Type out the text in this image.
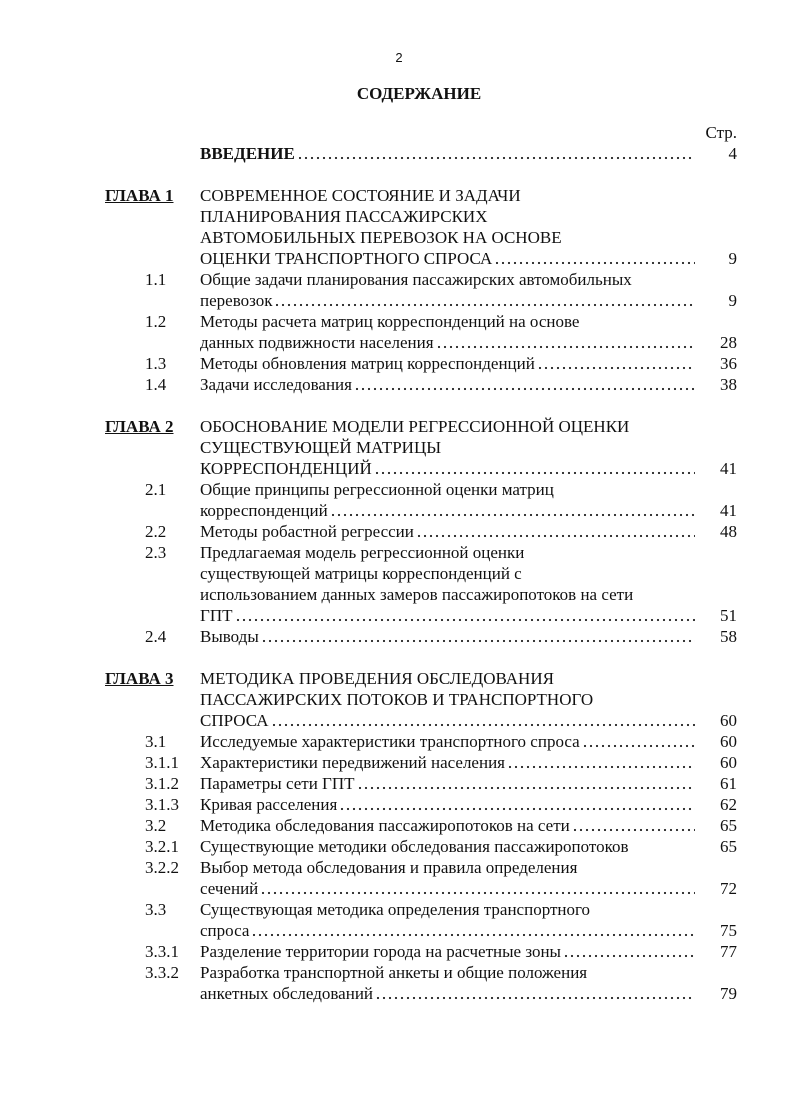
2
СОДЕРЖАНИЕ
Стр.
ВВЕДЕНИЕ	4
ГЛАВА 1	СОВРЕМЕННОЕ СОСТОЯНИЕ И ЗАДАЧИ
ПЛАНИРОВАНИЯ ПАССАЖИРСКИХ
АВТОМОБИЛЬНЫХ ПЕРЕВОЗОК НА ОСНОВЕ
ОЦЕНКИ ТРАНСПОРТНОГО СПРОСА	9
1.1	Общие задачи планирования пассажирских автомобильных
перевозок	9
1.2	Методы расчета матриц корреспонденций на основе
данных подвижности населения	28
1.3	Методы обновления матриц корреспонденций	36
1.4	Задачи исследования	38
ГЛАВА 2	ОБОСНОВАНИЕ МОДЕЛИ РЕГРЕССИОННОЙ ОЦЕНКИ
СУЩЕСТВУЮЩЕЙ МАТРИЦЫ
КОРРЕСПОНДЕНЦИЙ	41
2.1	Общие принципы регрессионной оценки матриц
корреспонденций	41
2.2	Методы робастной регрессии	48
2.3	Предлагаемая модель регрессионной оценки
существующей матрицы корреспонденций с
использованием данных замеров пассажиропотоков на сети
ГПТ	51
2.4	Выводы	58
ГЛАВА 3	МЕТОДИКА ПРОВЕДЕНИЯ ОБСЛЕДОВАНИЯ
ПАССАЖИРСКИХ ПОТОКОВ И ТРАНСПОРТНОГО
СПРОСА	60
3.1	Исследуемые характеристики транспортного спроса	60
3.1.1	Характеристики передвижений населения	60
3.1.2	Параметры сети ГПТ	61
3.1.3	Кривая расселения	62
3.2	Методика обследования пассажиропотоков на сети	65
3.2.1	Существующие методики обследования пассажиропотоков	65
3.2.2	Выбор метода обследования и правила определения
сечений	72
3.3	Существующая методика определения транспортного
спроса	75
3.3.1	Разделение территории города на расчетные зоны	77
3.3.2	Разработка транспортной анкеты и общие положения
анкетных обследований	79
